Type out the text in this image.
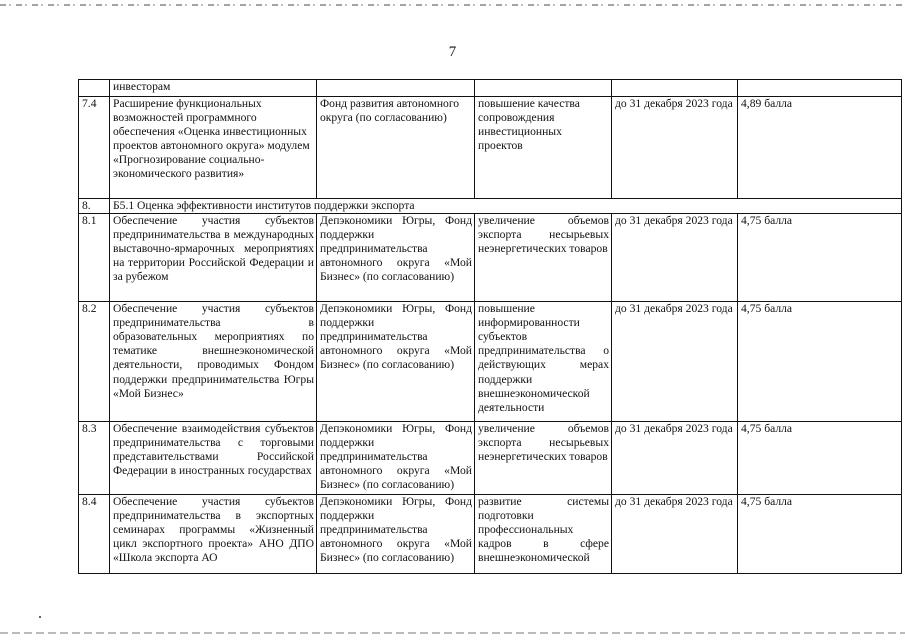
7
	инвесторам				
7.4	Расширение функциональных возможностей программного обеспечения «Оценка инвестиционных проектов автономного округа» модулем «Прогнозирование социально-экономического развития»	Фонд развития автономного округа (по согласованию)	повышение качества сопровождения инвестиционных проектов	до 31 декабря 2023 года	4,89 балла
8.	Б5.1 Оценка эффективности институтов поддержки экспорта				
8.1	Обеспечение участия субъектов предпринимательства в международных выставочно-ярмарочных мероприятиях на территории Российской Федерации и за рубежом	Депэкономики Югры, Фонд поддержки предпринимательства автономного округа «Мой Бизнес» (по согласованию)	увеличение объемов экспорта несырьевых неэнергетических товаров	до 31 декабря 2023 года	4,75 балла
8.2	Обеспечение участия субъектов предпринимательства в образовательных мероприятиях по тематике внешнеэкономической деятельности, проводимых Фондом поддержки предпринимательства Югры «Мой Бизнес»	Депэкономики Югры, Фонд поддержки предпринимательства автономного округа «Мой Бизнес» (по согласованию)	повышение информированности субъектов предпринимательства о действующих мерах поддержки внешнеэкономической деятельности	до 31 декабря 2023 года	4,75 балла
8.3	Обеспечение взаимодействия субъектов предпринимательства с торговыми представительствами Российской Федерации в иностранных государствах	Депэкономики Югры, Фонд поддержки предпринимательства автономного округа «Мой Бизнес» (по согласованию)	увеличение объемов экспорта несырьевых неэнергетических товаров	до 31 декабря 2023 года	4,75 балла
8.4	Обеспечение участия субъектов предпринимательства в экспортных семинарах программы «Жизненный цикл экспортного проекта» АНО ДПО «Школа экспорта АО	Депэкономики Югры, Фонд поддержки предпринимательства автономного округа «Мой Бизнес» (по согласованию)	развитие системы подготовки профессиональных кадров в сфере внешнеэкономической	до 31 декабря 2023 года	4,75 балла
